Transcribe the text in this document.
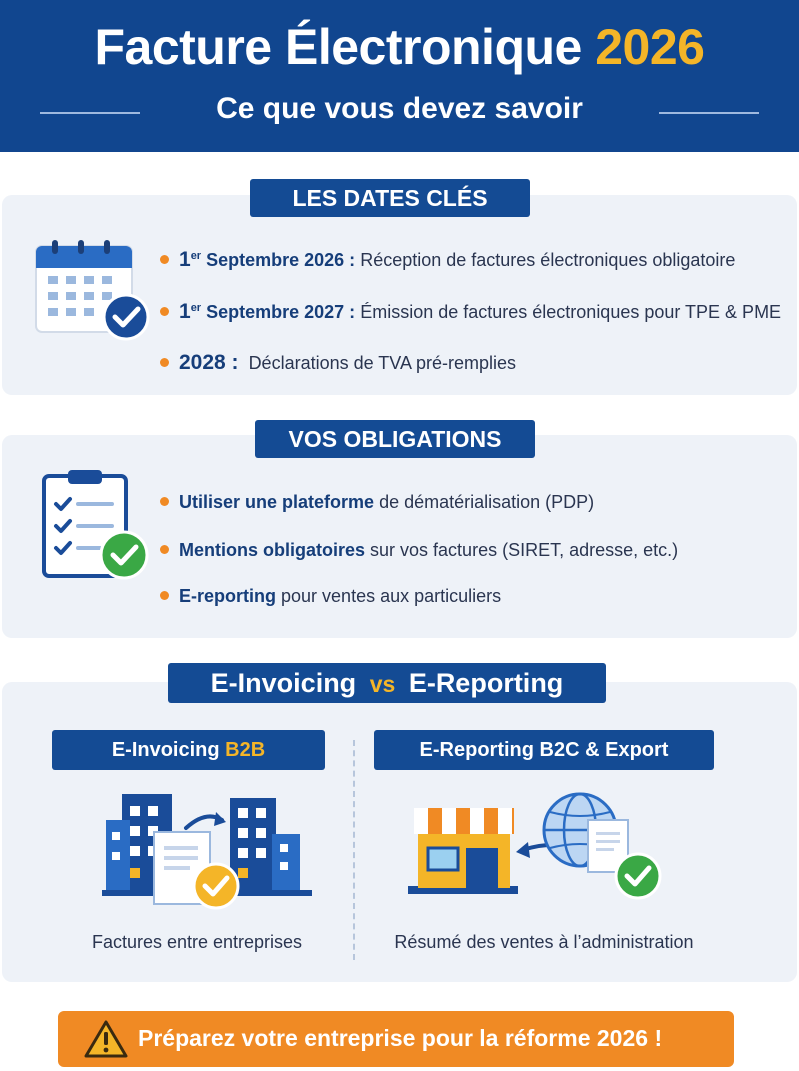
Facture Électronique 2026
Ce que vous devez savoir
LES DATES CLÉS
1er Septembre 2026 : Réception de factures électroniques obligatoire
1er Septembre 2027 : Émission de factures électroniques pour TPE & PME
2028 : Déclarations de TVA pré-remplies
VOS OBLIGATIONS
Utiliser une plateforme de dématérialisation (PDP)
Mentions obligatoires sur vos factures (SIRET, adresse, etc.)
E-reporting pour ventes aux particuliers
E-Invoicing vs E-Reporting
E-Invoicing B2B	E-Reporting B2C & Export
Factures entre entreprises	Résumé des ventes à l’administration
Préparez votre entreprise pour la réforme 2026 !
